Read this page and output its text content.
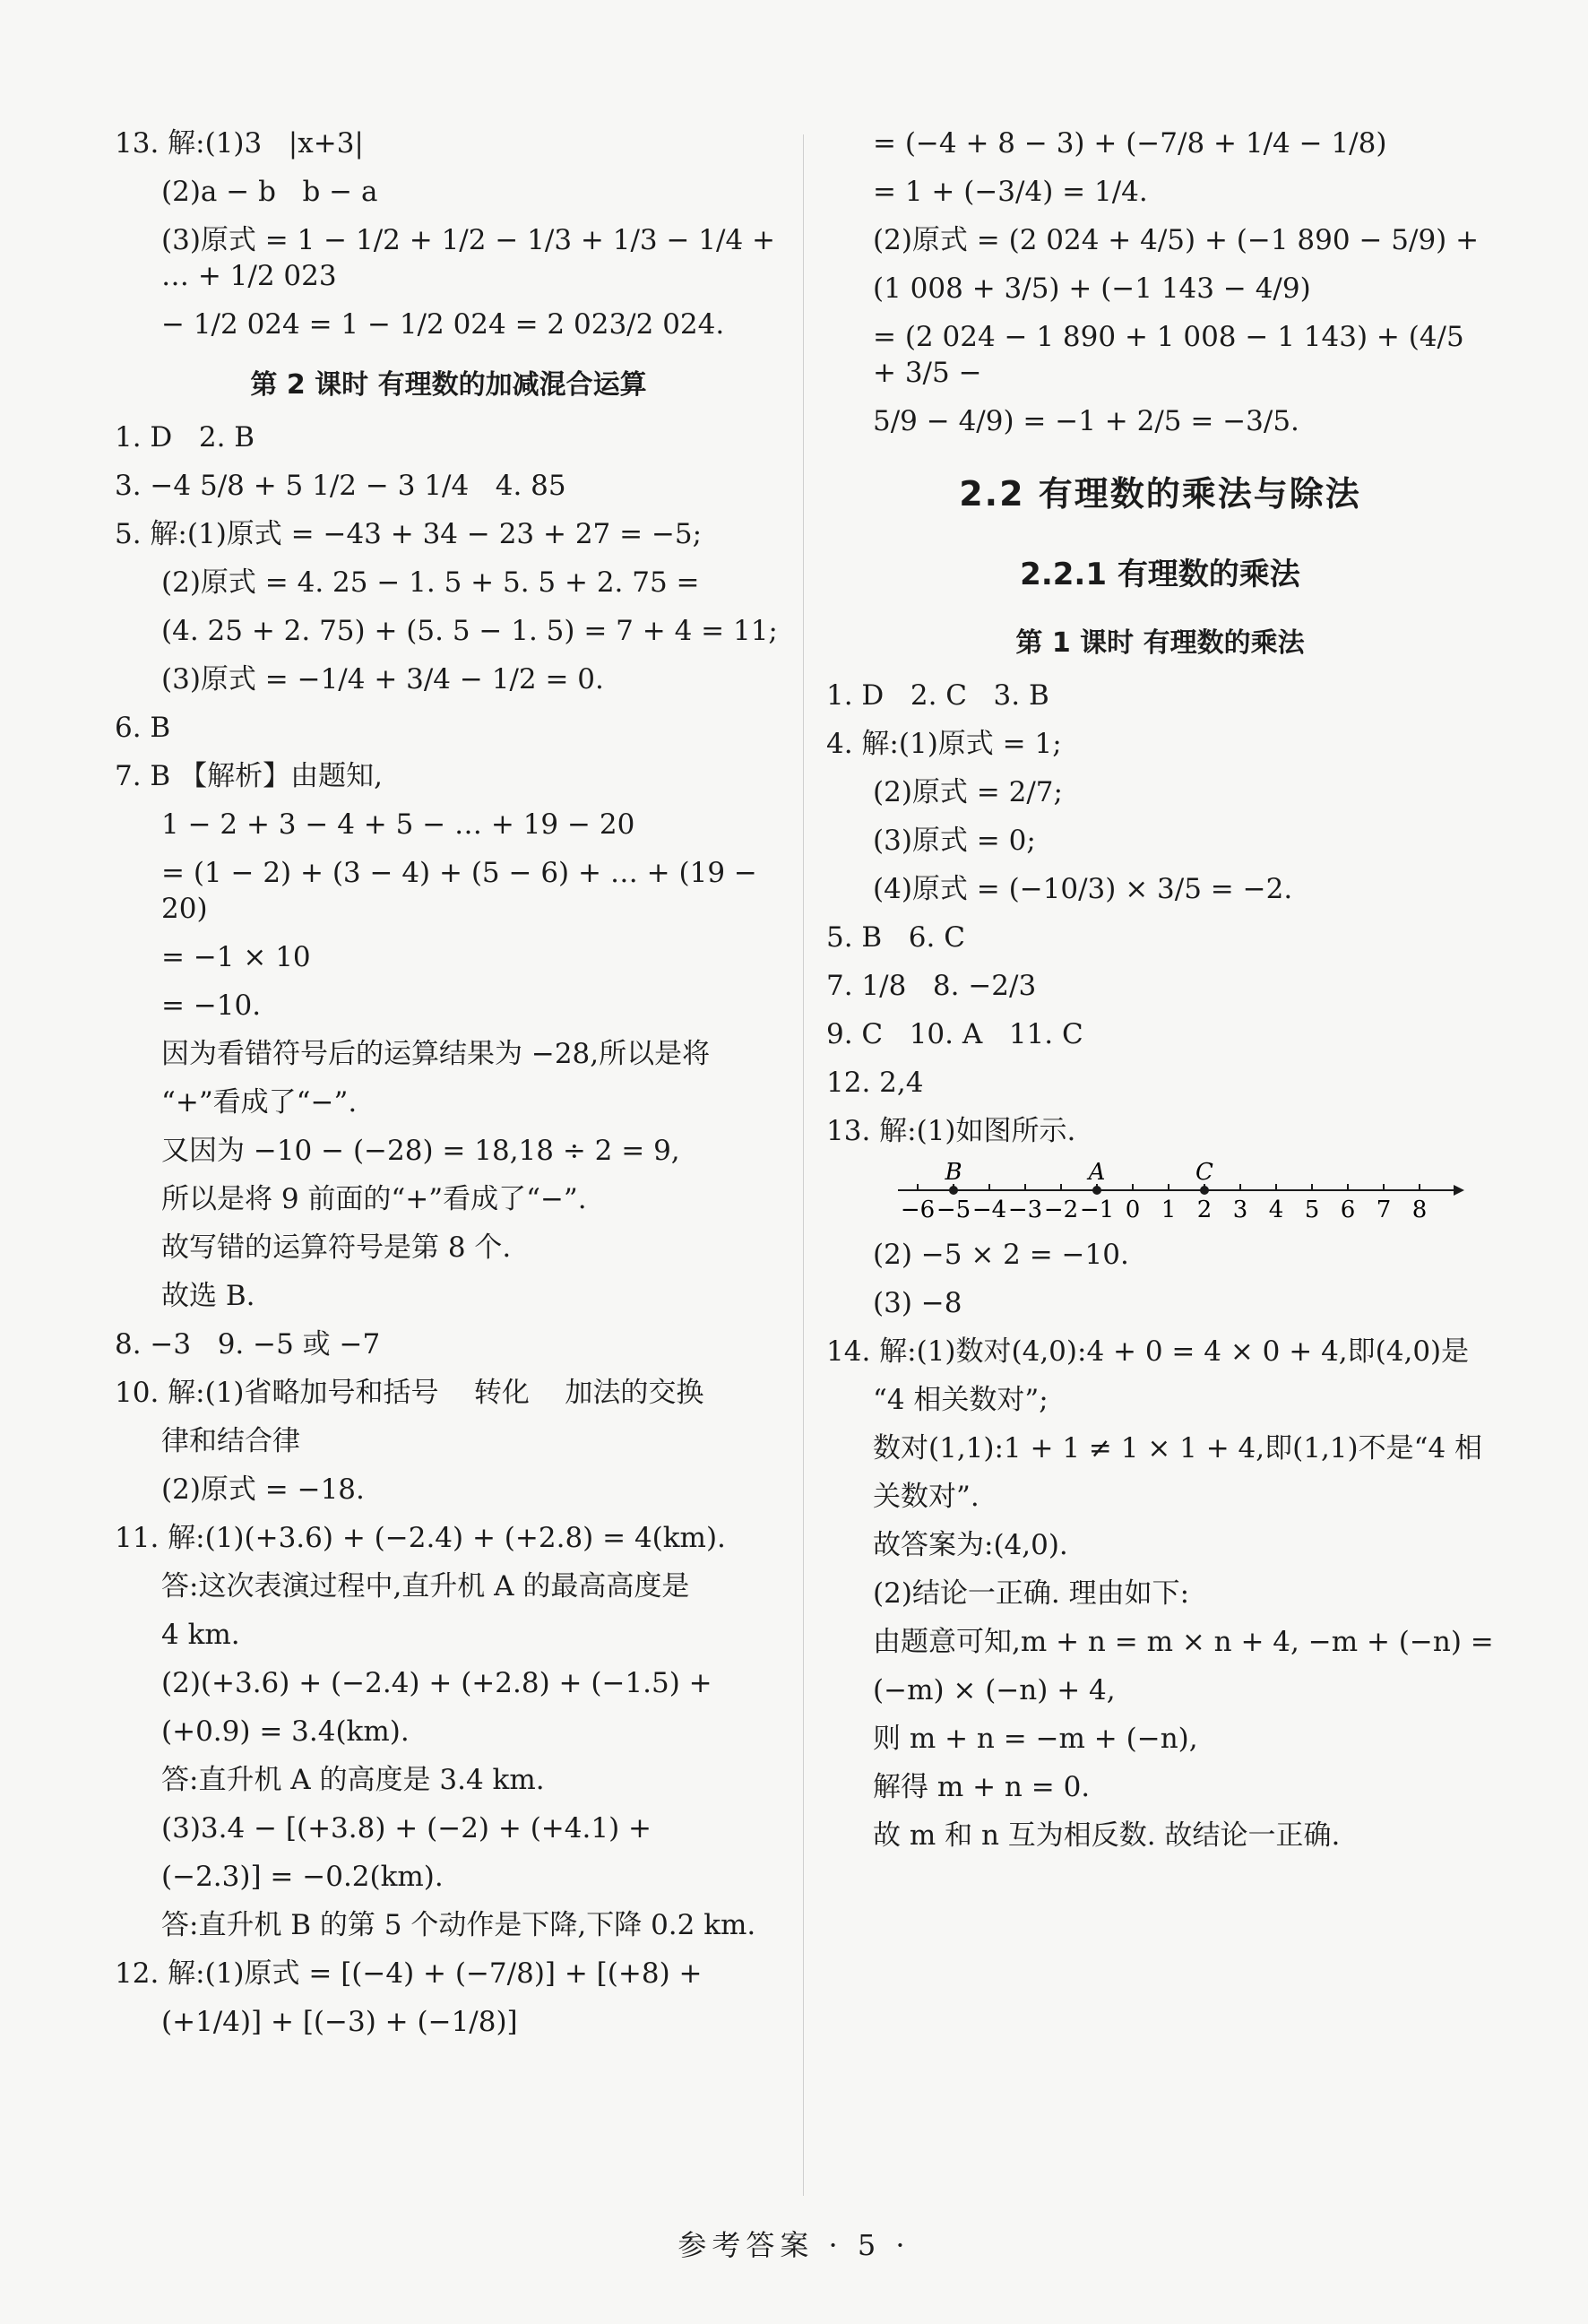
13. 解:(1)3   |x+3|
(2)a − b   b − a
(3)原式 = 1 − 1/2 + 1/2 − 1/3 + 1/3 − 1/4 + … + 1/2 023
− 1/2 024 = 1 − 1/2 024 = 2 023/2 024.
第 2 课时 有理数的加减混合运算
1. D   2. B
3. −4 5/8 + 5 1/2 − 3 1/4   4. 85
5. 解:(1)原式 = −43 + 34 − 23 + 27 = −5;
(2)原式 = 4. 25 − 1. 5 + 5. 5 + 2. 75 =
(4. 25 + 2. 75) + (5. 5 − 1. 5) = 7 + 4 = 11;
(3)原式 = −1/4 + 3/4 − 1/2 = 0.
6. B
7. B 【解析】由题知,
1 − 2 + 3 − 4 + 5 − … + 19 − 20
= (1 − 2) + (3 − 4) + (5 − 6) + … + (19 − 20)
= −1 × 10
= −10.
因为看错符号后的运算结果为 −28,所以是将
“+”看成了“−”.
又因为 −10 − (−28) = 18,18 ÷ 2 = 9,
所以是将 9 前面的“+”看成了“−”.
故写错的运算符号是第 8 个.
故选 B.
8. −3   9. −5 或 −7
10. 解:(1)省略加号和括号    转化    加法的交换
律和结合律
(2)原式 = −18.
11. 解:(1)(+3.6) + (−2.4) + (+2.8) = 4(km).
答:这次表演过程中,直升机 A 的最高高度是
4 km.
(2)(+3.6) + (−2.4) + (+2.8) + (−1.5) +
(+0.9) = 3.4(km).
答:直升机 A 的高度是 3.4 km.
(3)3.4 − [(+3.8) + (−2) + (+4.1) +
(−2.3)] = −0.2(km).
答:直升机 B 的第 5 个动作是下降,下降 0.2 km.
12. 解:(1)原式 = [(−4) + (−7/8)] + [(+8) +
(+1/4)] + [(−3) + (−1/8)]
= (−4 + 8 − 3) + (−7/8 + 1/4 − 1/8)
= 1 + (−3/4) = 1/4.
(2)原式 = (2 024 + 4/5) + (−1 890 − 5/9) +
(1 008 + 3/5) + (−1 143 − 4/9)
= (2 024 − 1 890 + 1 008 − 1 143) + (4/5 + 3/5 −
5/9 − 4/9) = −1 + 2/5 = −3/5.
2.2 有理数的乘法与除法
2.2.1 有理数的乘法
第 1 课时 有理数的乘法
1. D   2. C   3. B
4. 解:(1)原式 = 1;
(2)原式 = 2/7;
(3)原式 = 0;
(4)原式 = (−10/3) × 3/5 = −2.
5. B   6. C
7. 1/8   8. −2/3
9. C   10. A   11. C
12. 2,4
13. 解:(1)如图所示.
−6 −5 −4 −3 −2 −1 0 1 2 3 4 5 6 7 8
B	A	C
(2) −5 × 2 = −10.
(3) −8
14. 解:(1)数对(4,0):4 + 0 = 4 × 0 + 4,即(4,0)是
“4 相关数对”;
数对(1,1):1 + 1 ≠ 1 × 1 + 4,即(1,1)不是“4 相
关数对”.
故答案为:(4,0).
(2)结论一正确. 理由如下:
由题意可知,m + n = m × n + 4, −m + (−n) =
(−m) × (−n) + 4,
则 m + n = −m + (−n),
解得 m + n = 0.
故 m 和 n 互为相反数. 故结论一正确.
参考答案 · 5 ·
